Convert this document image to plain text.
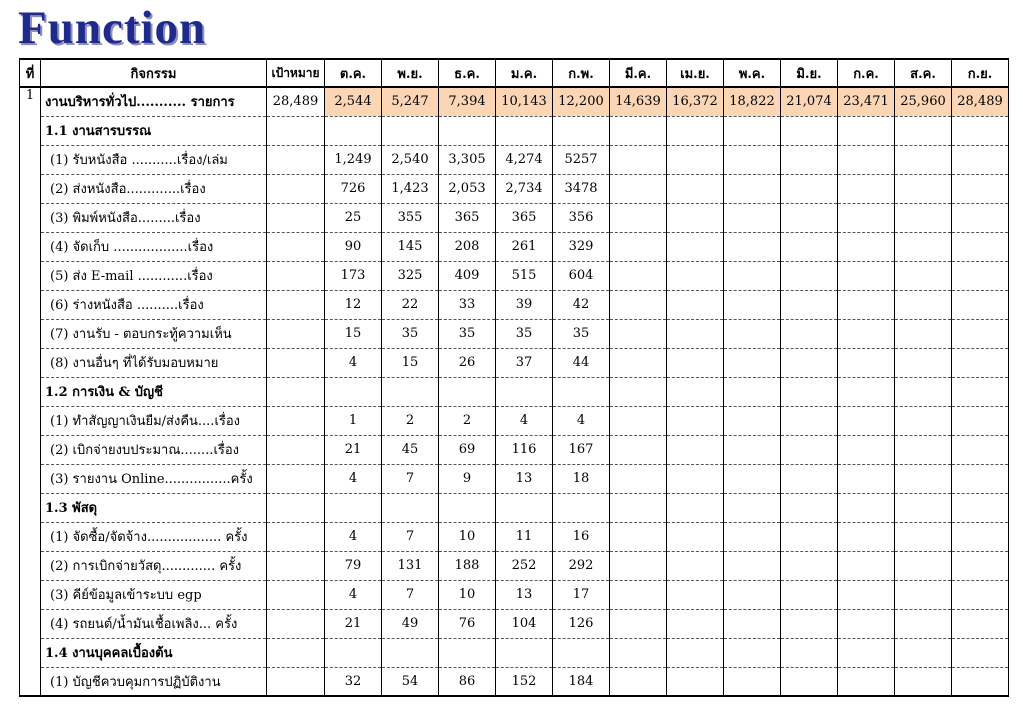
Function
ที่	กิจกรรม	เป้าหมาย	ต.ค.	พ.ย.	ธ.ค.	ม.ค.	ก.พ.	มี.ค.	เม.ย.	พ.ค.	มิ.ย.	ก.ค.	ส.ค.	ก.ย.
1	งานบริหารทั่วไป........... รายการ	28,489	2,544	5,247	7,394	10,143	12,200	14,639	16,372	18,822	21,074	23,471	25,960	28,489
	1.1 งานสารบรรณ													
	(1) รับหนังสือ ...........เรื่อง/เล่ม		1,249	2,540	3,305	4,274	5257							
	(2) ส่งหนังสือ.............เรื่อง		726	1,423	2,053	2,734	3478							
	(3) พิมพ์หนังสือ.........เรื่อง		25	355	365	365	356							
	(4) จัดเก็บ ..................เรื่อง		90	145	208	261	329							
	(5) ส่ง E-mail ............เรื่อง		173	325	409	515	604							
	(6) ร่างหนังสือ ..........เรื่อง		12	22	33	39	42							
	(7) งานรับ - ตอบกระทู้ความเห็น		15	35	35	35	35							
	(8) งานอื่นๆ ที่ได้รับมอบหมาย		4	15	26	37	44							
	1.2 การเงิน & บัญชี													
	(1) ทำสัญญาเงินยืม/ส่งคืน....เรื่อง		1	2	2	4	4							
	(2) เบิกจ่ายงบประมาณ........เรื่อง		21	45	69	116	167							
	(3) รายงาน Online................ครั้ง		4	7	9	13	18							
	1.3 พัสดุ													
	(1) จัดซื้อ/จัดจ้าง.................. ครั้ง		4	7	10	11	16							
	(2) การเบิกจ่ายวัสดุ............. ครั้ง		79	131	188	252	292							
	(3) คีย์ข้อมูลเข้าระบบ egp		4	7	10	13	17							
	(4) รถยนต์/น้ำมันเชื้อเพลิง... ครั้ง		21	49	76	104	126							
	1.4 งานบุคคลเบื้องต้น													
	(1) บัญชีควบคุมการปฏิบัติงาน		32	54	86	152	184							
